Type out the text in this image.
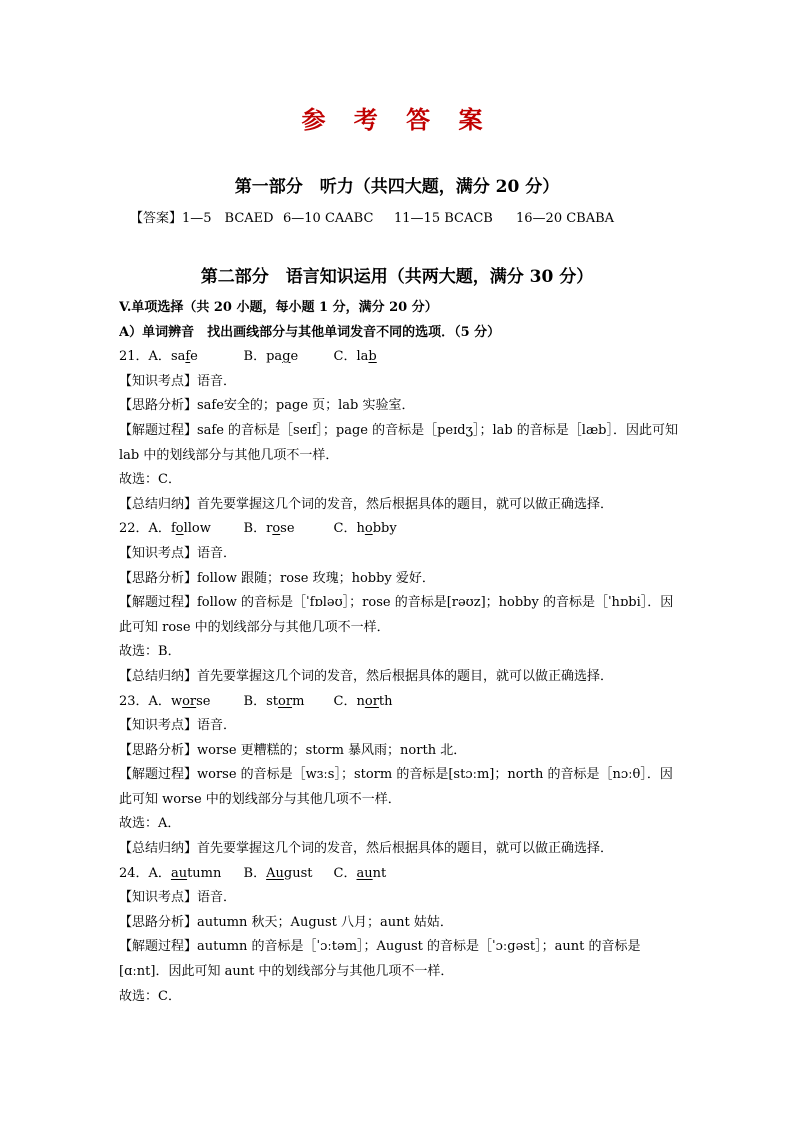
参 考 答 案
第一部分　听力（共四大题，满分 20 分）
【答案】1—5　BCAED 6—10 CAABC 11—15 BCACB 16—20 CBABA
第二部分　语言知识运用（共两大题，满分 30 分）
V.单项选择（共 20 小题，每小题 1 分，满分 20 分）
A）单词辨音　找出画线部分与其他单词发音不同的选项．（5 分）
21．A．safe	B．page	C．lab
【知识考点】语音．
【思路分析】safe安全的；page 页；lab 实验室．
【解题过程】safe 的音标是［seɪf］；page 的音标是［peɪdʒ］；lab 的音标是［læb］．因此可知
lab 中的划线部分与其他几项不一样．
故选：C．
【总结归纳】首先要掌握这几个词的发音，然后根据具体的题目，就可以做正确选择．
22．A．follow	B．rose	C．hobby
【知识考点】语音．
【思路分析】follow 跟随；rose 玫瑰；hobby 爱好．
【解题过程】follow 的音标是［ˈfɒləʊ］；rose 的音标是[rəʊz]；hobby 的音标是［ˈhɒbi］．因
此可知 rose 中的划线部分与其他几项不一样．
故选：B．
【总结归纳】首先要掌握这几个词的发音，然后根据具体的题目，就可以做正确选择．
23．A．worse	B．storm C．north
【知识考点】语音．
【思路分析】worse 更糟糕的；storm 暴风雨；north 北．
【解题过程】worse 的音标是［wɜːs］；storm 的音标是[stɔːm]；north 的音标是［nɔːθ］．因
此可知 worse 中的划线部分与其他几项不一样．
故选：A．
【总结归纳】首先要掌握这几个词的发音，然后根据具体的题目，就可以做正确选择．
24．A．autumn B．August C．aunt
【知识考点】语音．
【思路分析】autumn 秋天；August 八月；aunt 姑姑．
【解题过程】autumn 的音标是［ˈɔːtəm］；August 的音标是［ˈɔːgəst］；aunt 的音标是
[ɑːnt]．因此可知 aunt 中的划线部分与其他几项不一样．
故选：C．
